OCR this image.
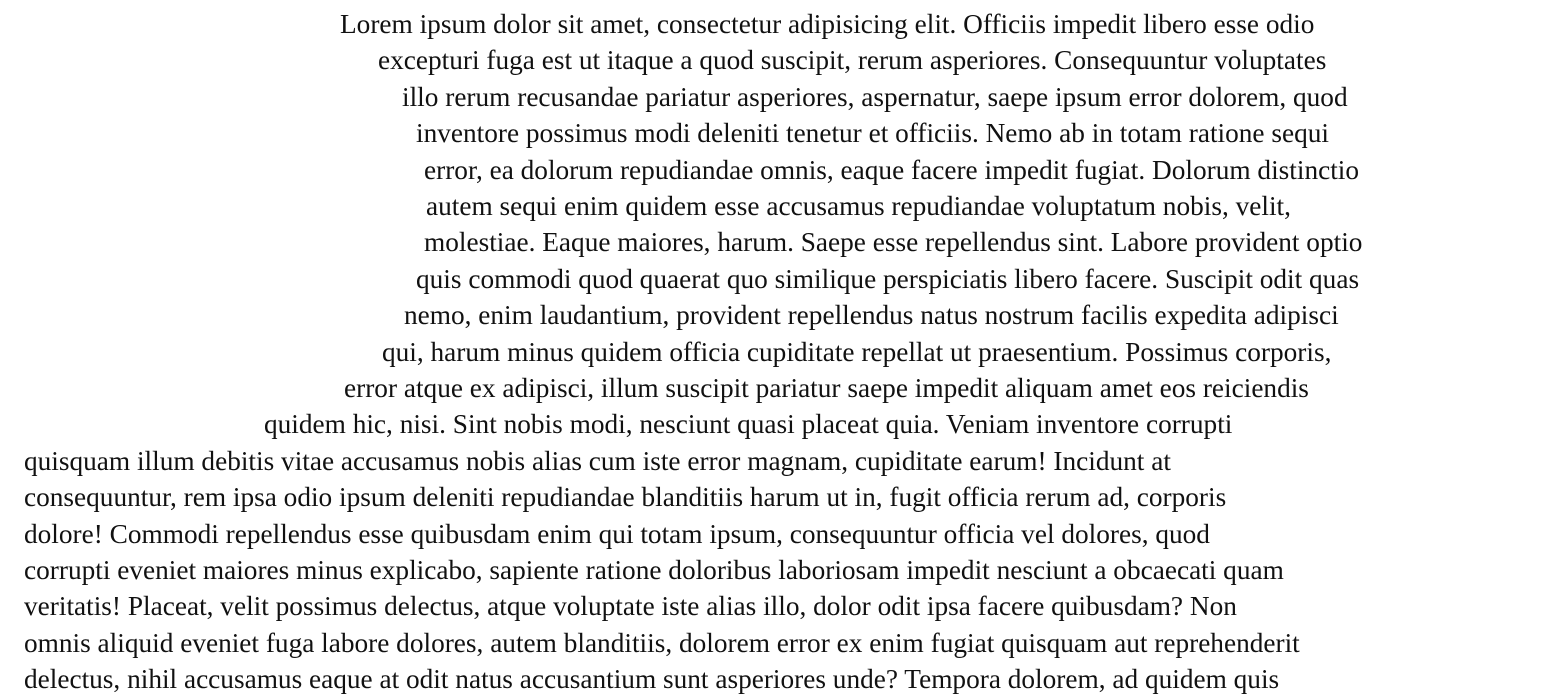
Lorem ipsum dolor sit amet, consectetur adipisicing elit. Officiis impedit libero esse odio
excepturi fuga est ut itaque a quod suscipit, rerum asperiores. Consequuntur voluptates
illo rerum recusandae pariatur asperiores, aspernatur, saepe ipsum error dolorem, quod
inventore possimus modi deleniti tenetur et officiis. Nemo ab in totam ratione sequi
error, ea dolorum repudiandae omnis, eaque facere impedit fugiat. Dolorum distinctio
autem sequi enim quidem esse accusamus repudiandae voluptatum nobis, velit,
molestiae. Eaque maiores, harum. Saepe esse repellendus sint. Labore provident optio
quis commodi quod quaerat quo similique perspiciatis libero facere. Suscipit odit quas
nemo, enim laudantium, provident repellendus natus nostrum facilis expedita adipisci
qui, harum minus quidem officia cupiditate repellat ut praesentium. Possimus corporis,
error atque ex adipisci, illum suscipit pariatur saepe impedit aliquam amet eos reiciendis
quidem hic, nisi. Sint nobis modi, nesciunt quasi placeat quia. Veniam inventore corrupti
quisquam illum debitis vitae accusamus nobis alias cum iste error magnam, cupiditate earum! Incidunt at
consequuntur, rem ipsa odio ipsum deleniti repudiandae blanditiis harum ut in, fugit officia rerum ad, corporis
dolore! Commodi repellendus esse quibusdam enim qui totam ipsum, consequuntur officia vel dolores, quod
corrupti eveniet maiores minus explicabo, sapiente ratione doloribus laboriosam impedit nesciunt a obcaecati quam
veritatis! Placeat, velit possimus delectus, atque voluptate iste alias illo, dolor odit ipsa facere quibusdam? Non
omnis aliquid eveniet fuga labore dolores, autem blanditiis, dolorem error ex enim fugiat quisquam aut reprehenderit
delectus, nihil accusamus eaque at odit natus accusantium sunt asperiores unde? Tempora dolorem, ad quidem quis
